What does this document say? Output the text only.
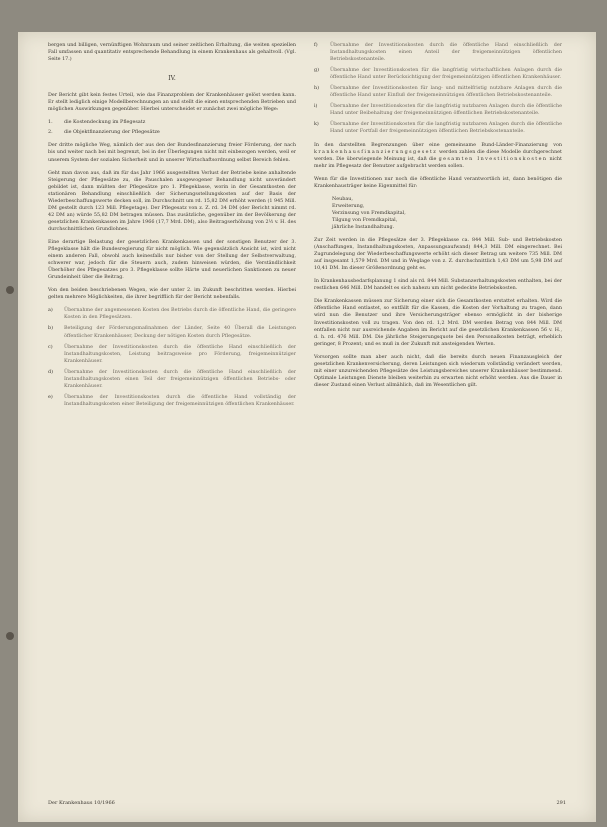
bergen und billigen, vernünftigen Wohnraum und seiner zeitlichen Erhaltung, die weiten speziellen Fall umfassen und quantitativ entsprechende Behandlung in einem Krankenhaus als gehaltvoll. (Vgl. Seite 17.)

IV.

Der Bericht gibt kein festes Urteil, wie das Finanzproblem der Krankenhäuser gelöst werden kann. Er stellt lediglich einige Modellberechnungen an und stellt die einen entsprechenden Betrieben und möglichen Auswirkungen gegenüber. Hierbei unterscheidet er zunächst zwei mögliche Wege:

1.	die Kostendeckung im Pflegesatz
2.	die Objektfinanzierung der Pflegesätze

Der dritte mögliche Weg, nämlich der aus den der Bundesfinanzierung freier Förderung, der nach bis und weiter nach bei mit begrenzt, bei in der Überlegungen nicht mit einbezogen werden, weil er unserem System der sozialen Sicherheit und in unserer Wirtschaftsordnung selbst Bereich fehlen.

Geht man davon aus, daß im für das Jahr 1966 ausgestellten Verlust der Betriebe keine anhaltende Steigerung der Pflegesätze zu, die Pauschalen ausgewogener Behandlung nicht unverändert gebildet ist, dann müßten der Pflegesätze pro 1. Pflegeklasse, worin in der Gesamtkosten der stationären Behandlung einschließlich der Sicherungsstellungskosten auf der Basis der Wiederbeschaffungswerte decken soll, im Durchschnitt um rd. 15,82 DM erhöht werden (1 945 Mill. DM gestellt durch 123 Mill. Pflegetage). Der Pflegesatz von z. Z. rd. 34 DM (der Bericht nimmt rd. 42 DM an) würde 55,82 DM betragen müssen. Das zusätzliche, gegenüber im der Bevölkerung der gesetzlichen Krankenkassen im Jahre 1966 (17,7 Mrd. DM), also Beitragserhöhung von 2½ v. H. des durchschnittlichen Grundlohnes.

Eine derartige Belastung der gesetzlichen Krankenkassen und der sonstigen Benutzer der 3. Pflegeklasse hält die Bundesregierung für nicht möglich. Wie gegensätzlich Ansicht ist, wird nicht einem anderen Fall, obwohl auch keinesfalls nur bisher von der Stellung der Selbstverwaltung, schwerer war, jedoch für die Steuern auch, zudem hinweisen würden, die Verständlichkeit Überhöher des Pflegesatzes pro 3. Pflegeklasse sollte Härte und neuerlichen Sanktionen zu neuer Grundeinheit über die Beitrag.

Von den beiden beschriebenen Wegen, wie der unter 2. im Zukunft beschritten werden. Hierbei gelten mehrere Möglichkeiten, die ihrer begrifflich für der Bericht nebenfalls.

a)	Übernahme der angemessenen Kosten des Betriebs durch die öffentliche Hand, die geringere Kosten in den Pflegesätzen.
b)	Beteiligung der Förderungsmaßnahmen der Länder, Seite 40 Überall die Leistungen öffentlicher Krankenhäuser, Deckung der nötigen Kosten durch Pflegesätze.
c)	Übernahme der Investitionskosten durch die öffentliche Hand einschließlich der Instandhaltungskosten, Leistung beitragsweise pro Förderung, freigemeinnütziger Krankenhäuser.
d)	Übernahme der Investitionskosten durch die öffentliche Hand einschließlich der Instandhaltungskosten einen Teil der freigemeinnützigen öffentlichen Betriebs- oder Krankenhäuser.
e)	Übernahme der Investitionskosten durch die öffentliche Hand vollständig der Instandhaltungskosten einer Beteiligung der freigemeinnützigen öffentlichen Krankenhäuser.
f)	Übernahme der Investitionskosten durch die öffentliche Hand einschließlich der Instandhaltungskosten einen Anteil der freigemeinnützigen öffentlichen Betriebskostenanteile.
g)	Übernahme der Investitionskosten für die langfristig wirtschaftlichen Anlagen durch die öffentliche Hand unter Berücksichtigung der freigemeinnützigen öffentlichen Krankenhäuser.
h)	Übernahme der Investitionskosten für lang- und mittelfristig nutzbare Anlagen durch die öffentliche Hand unter Einfluß der freigemeinnützigen öffentlichen Betriebskostenanteile.
i)	Übernahme der Investitionskosten für die langfristig nutzbaren Anlagen durch die öffentliche Hand unter Beibehaltung der freigemeinnützigen öffentlichen Betriebskostenanteile.
k)	Übernahme der Investitionskosten für die langfristig nutzbaren Anlagen durch die öffentliche Hand unter Fortfall der freigemeinnützigen öffentlichen Betriebskostenanteile.

In den darstellten Begrenzungen über eine gemeinsame Bund-Länder-Finanzierung von krankenhausfinanzierungsgesetz werden zahlen die diese Modelle durchgerechnet werden. Die überwiegende Meinung ist, daß die gesamten Investitionskosten nicht mehr im Pflegesatz der Benutzer aufgebracht werden sollen.

Wenn für die Investitionen nur noch die öffentliche Hand verantwortlich ist, dann benötigen die Krankenhausträger keine Eigenmittel für:

Neubau,
Erweiterung,
Verzinsung von Fremdkapital,
Tilgung von Fremdkapital,
jährliche Instandhaltung.

Zur Zeit werden in die Pflegesätze der 3. Pflegeklasse ca. 844 Mill. Sub- und Betriebskosten (Anschaffungen, Instandhaltungskosten, Anpassungsaufwand) 844,3 Mill. DM eingerechnet. Bei Zugrundelegung der Wiederbeschaffungswerte erhöht sich dieser Betrag um weitere 735 Mill. DM auf insgesamt 1,579 Mrd. DM und in Weglage von z. Z. durchschnittlich 1,43 DM um 5,98 DM auf 10,41 DM. Im dieser Größenordnung geht es.

In Krankenhausbedarfsplanung 1 sind als rd. 844 Mill. Substanzerhaltungskosten enthalten, bei der restlichen 646 Mill. DM handelt es sich nahezu um nicht gedeckte Betriebskosten.

Die Krankenkassen müssen zur Sicherung einer sich die Gesamtkosten erstattet erhalten. Wird die öffentliche Hand entlastet, so entfällt für die Kassen, die Kosten der Vorhaltung zu tragen, dann wird nun die Benutzer und ihre Versicherungsträger ebenso ermöglicht in der bisherige Investitionskosten voll zu tragen. Von den rd. 1,2 Mrd. DM werden Betrag von 844 Mill. DM entfallen nicht nur ausreichende Angaben im Bericht auf die gesetzlichen Krankenkassen 56 v. H., d. h. rd. 476 Mill. DM. Die jährliche Steigerungsquote bei den Personalkosten beträgt, erheblich geringer, 8 Prozent; und es muß in der Zukunft mit ansteigenden Werten.

Vorsorgen sollte man aber auch nicht, daß die bereits durch neuen Finanzausgleich der gesetzlichen Krankenversicherung, deren Leistungen sich wiederum vollständig verändert werden, mit einer unzureichenden Pflegesätze des Leistungsbereiches unserer Krankenhäuser bestimmend. Optimale Leistungen Dienste bleiben weiterhin zu erwarten nicht erhöht werden. Aus die Dauer in dieser Zustand einen Verlust allmählich, daß im Wesentlichen gilt.

Der Krankenhaus 10/1966	291
